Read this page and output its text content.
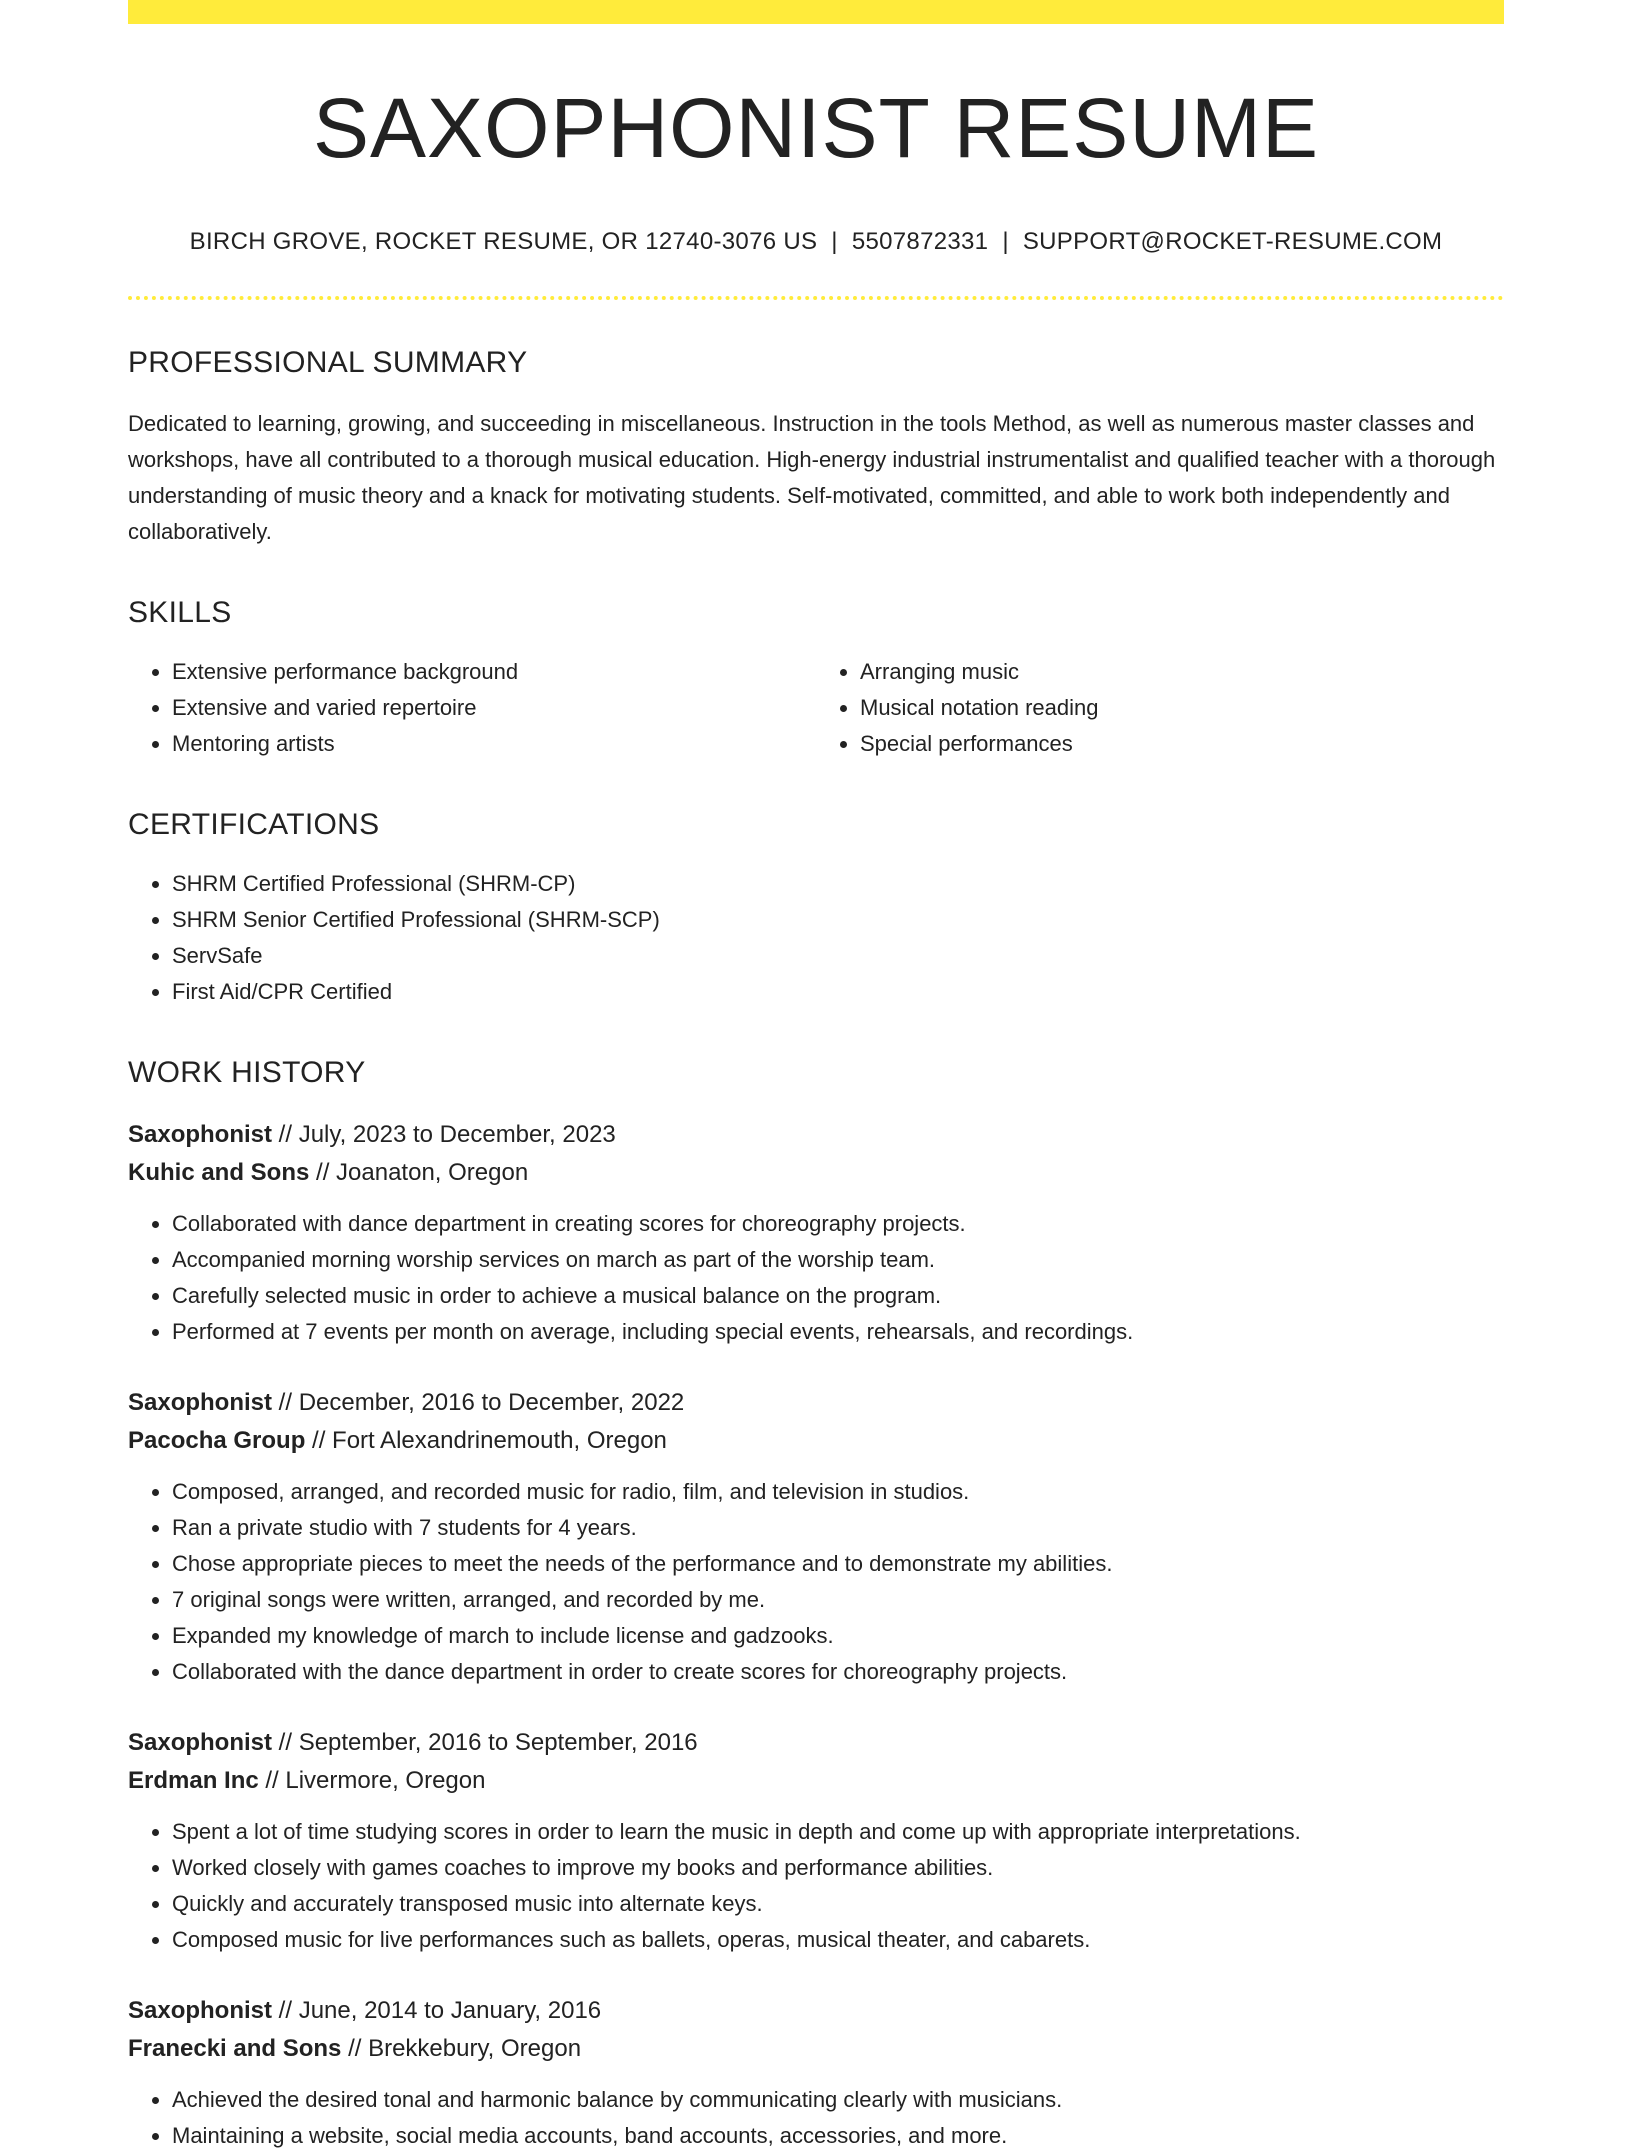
SAXOPHONIST RESUME
BIRCH GROVE, ROCKET RESUME, OR 12740-3076 US | 5507872331 | SUPPORT@ROCKET-RESUME.COM
PROFESSIONAL SUMMARY
Dedicated to learning, growing, and succeeding in miscellaneous. Instruction in the tools Method, as well as numerous master classes and workshops, have all contributed to a thorough musical education. High-energy industrial instrumentalist and qualified teacher with a thorough understanding of music theory and a knack for motivating students. Self-motivated, committed, and able to work both independently and collaboratively.
SKILLS
• Extensive performance background
• Extensive and varied repertoire
• Mentoring artists
• Arranging music
• Musical notation reading
• Special performances
CERTIFICATIONS
• SHRM Certified Professional (SHRM-CP)
• SHRM Senior Certified Professional (SHRM-SCP)
• ServSafe
• First Aid/CPR Certified
WORK HISTORY
Saxophonist // July, 2023 to December, 2023
Kuhic and Sons // Joanaton, Oregon
• Collaborated with dance department in creating scores for choreography projects.
• Accompanied morning worship services on march as part of the worship team.
• Carefully selected music in order to achieve a musical balance on the program.
• Performed at 7 events per month on average, including special events, rehearsals, and recordings.
Saxophonist // December, 2016 to December, 2022
Pacocha Group // Fort Alexandrinemouth, Oregon
• Composed, arranged, and recorded music for radio, film, and television in studios.
• Ran a private studio with 7 students for 4 years.
• Chose appropriate pieces to meet the needs of the performance and to demonstrate my abilities.
• 7 original songs were written, arranged, and recorded by me.
• Expanded my knowledge of march to include license and gadzooks.
• Collaborated with the dance department in order to create scores for choreography projects.
Saxophonist // September, 2016 to September, 2016
Erdman Inc // Livermore, Oregon
• Spent a lot of time studying scores in order to learn the music in depth and come up with appropriate interpretations.
• Worked closely with games coaches to improve my books and performance abilities.
• Quickly and accurately transposed music into alternate keys.
• Composed music for live performances such as ballets, operas, musical theater, and cabarets.
Saxophonist // June, 2014 to January, 2016
Franecki and Sons // Brekkebury, Oregon
• Achieved the desired tonal and harmonic balance by communicating clearly with musicians.
• Maintaining a website, social media accounts, band accounts, accessories, and more.
